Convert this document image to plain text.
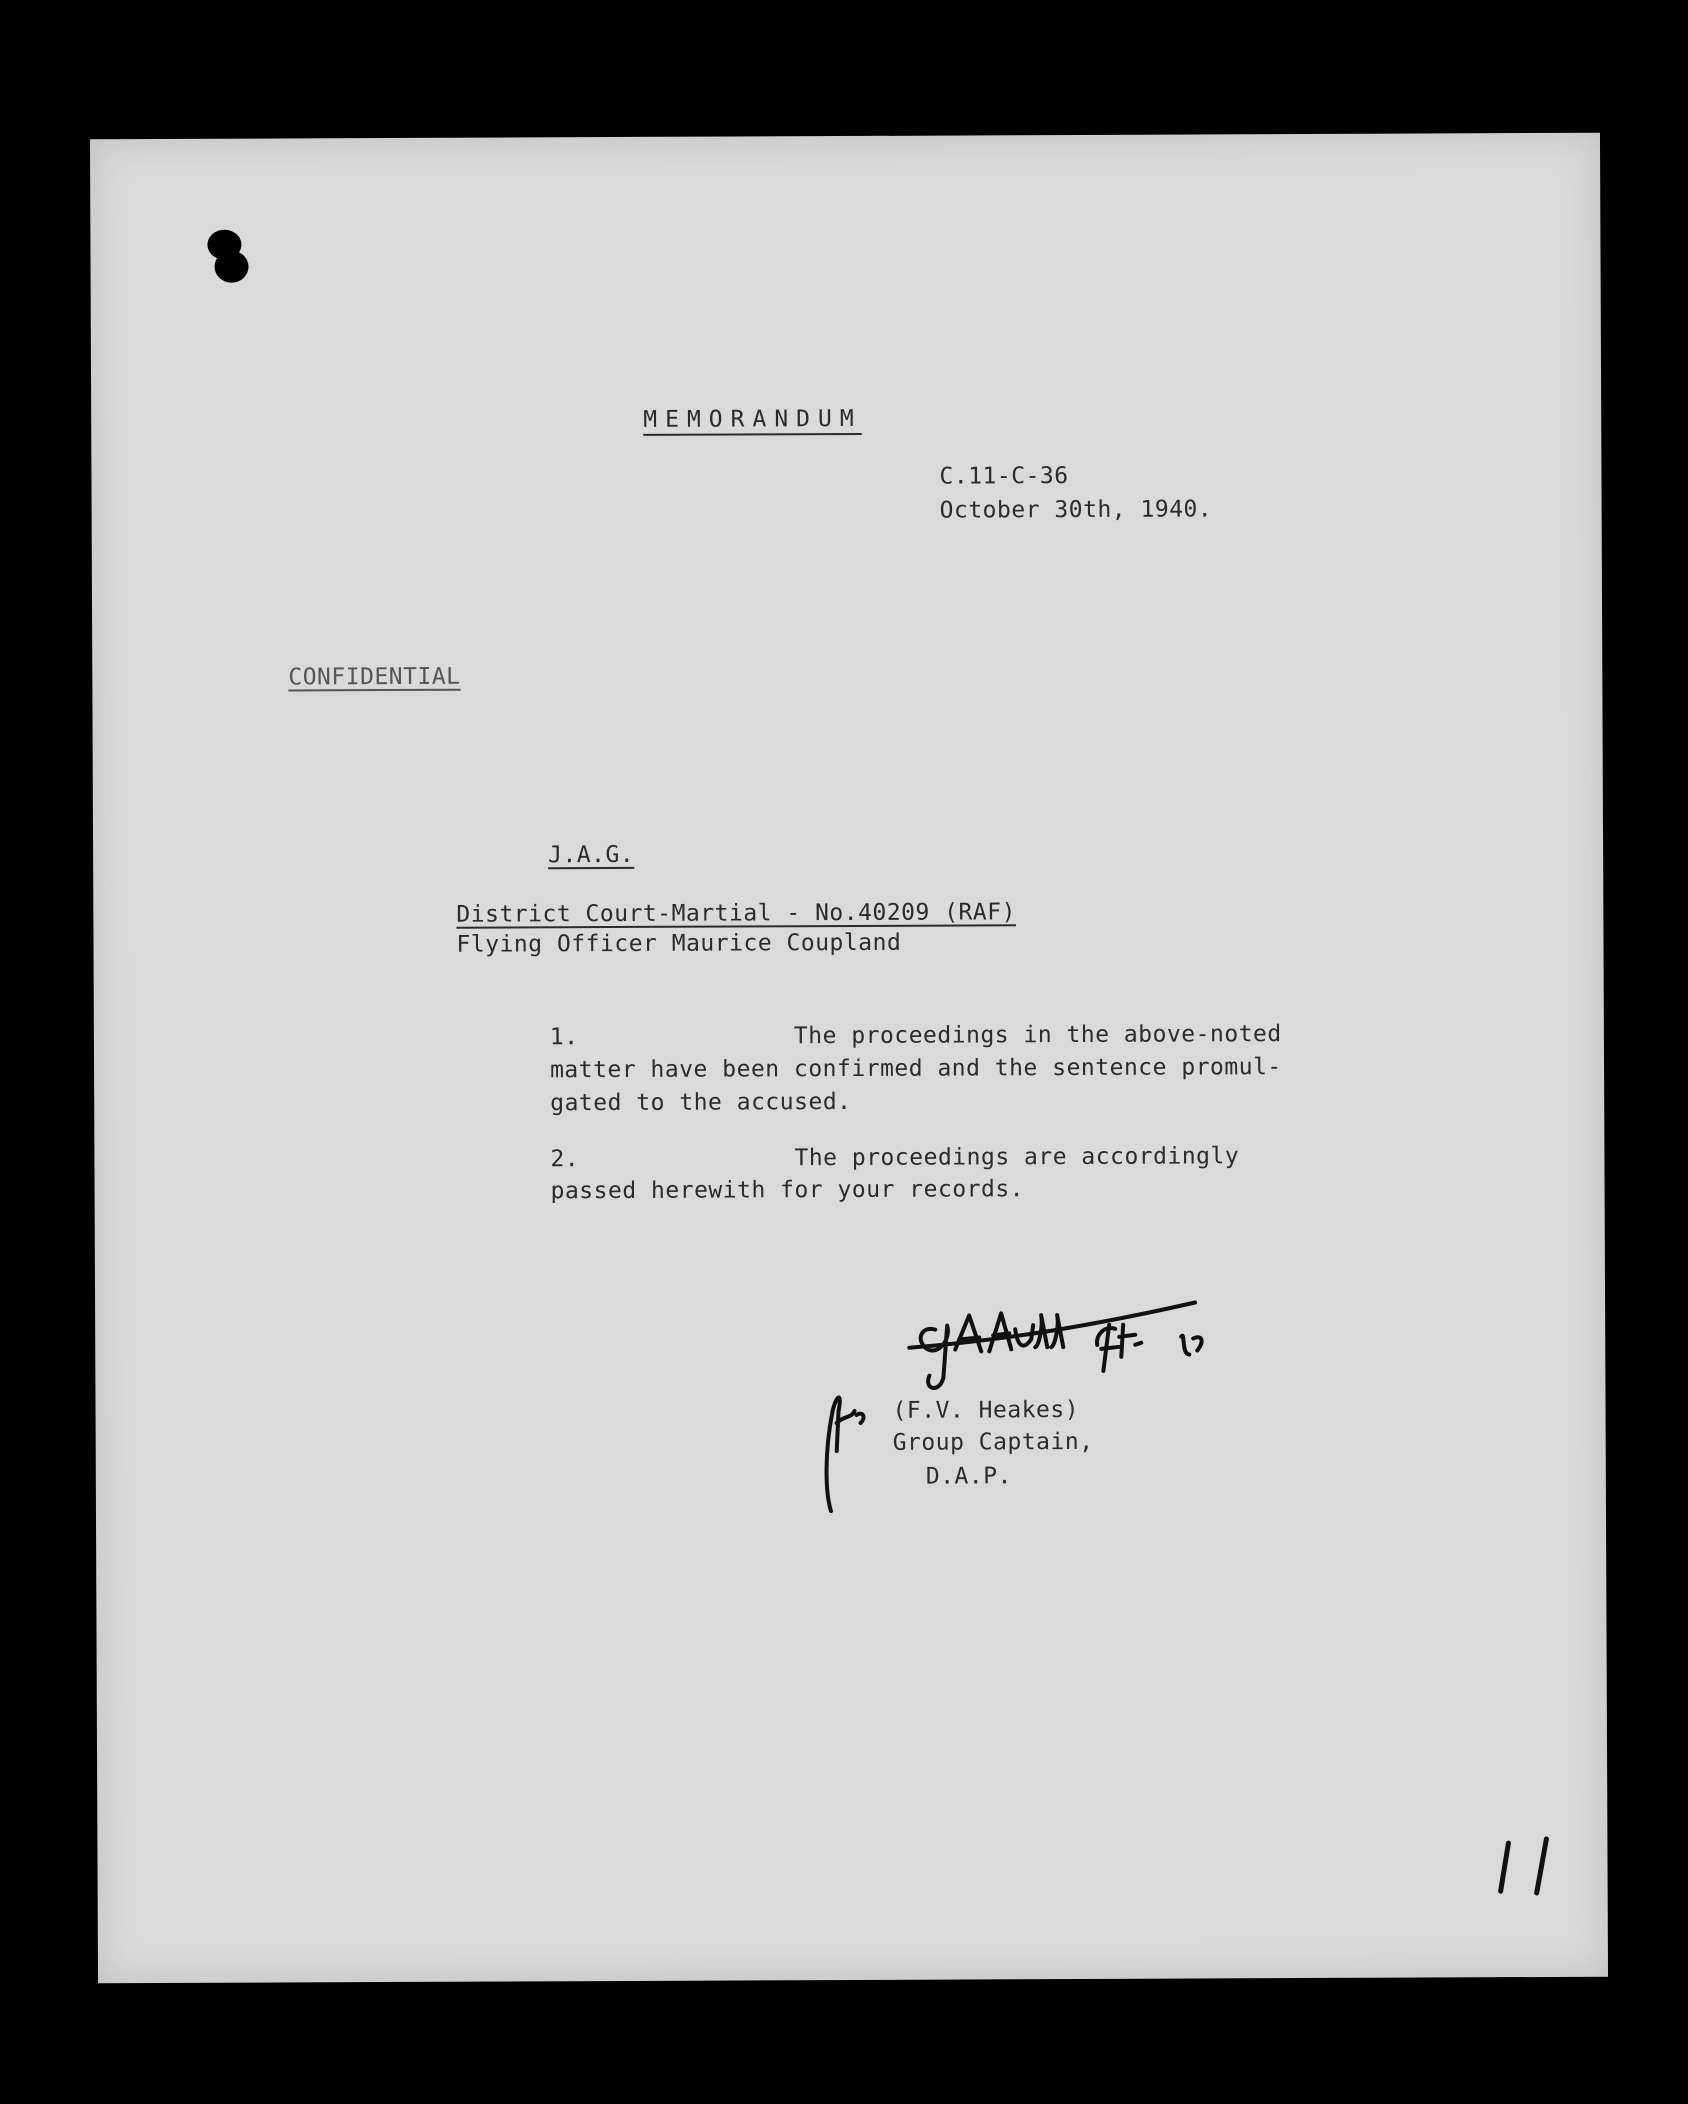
MEMORANDUM
C.11-C-36
October 30th, 1940.
CONFIDENTIAL
J.A.G.
District Court-Martial - No.40209 (RAF)
Flying Officer Maurice Coupland
1.	The proceedings in the above-noted
matter have been confirmed and the sentence promul-
gated to the accused.
2.	The proceedings are accordingly
passed herewith for your records.
(F.V. Heakes)
Group Captain,
D.A.P.
